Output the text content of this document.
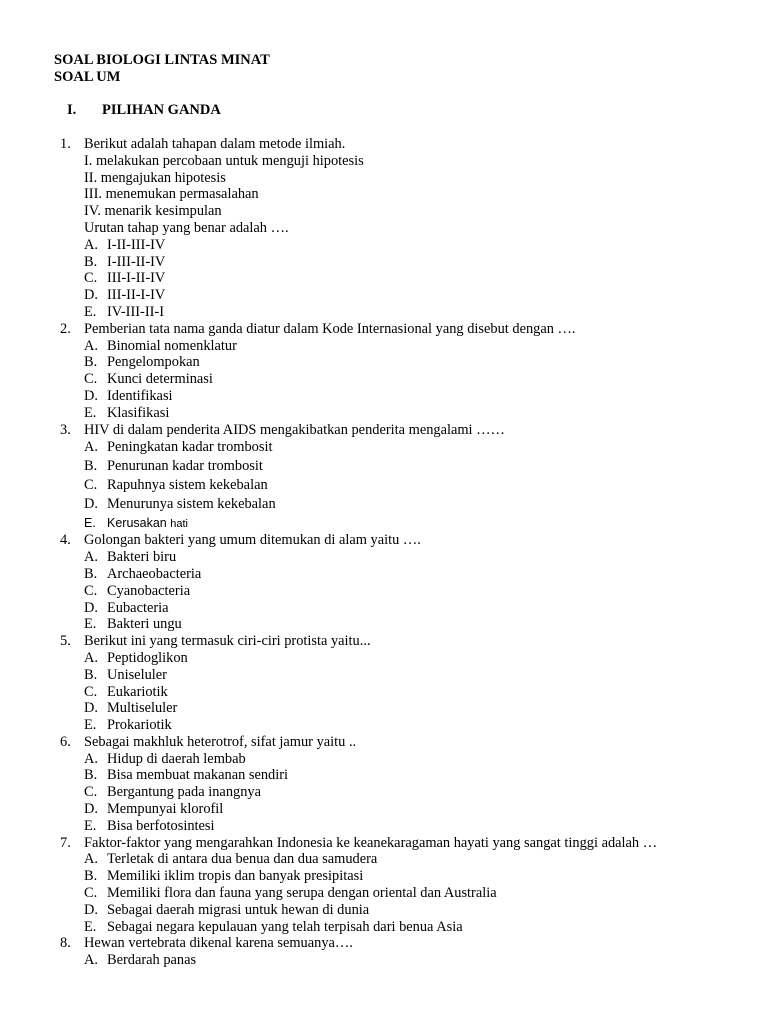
SOAL BIOLOGI LINTAS MINAT
SOAL UM
I. PILIHAN GANDA
1. Berikut adalah tahapan dalam metode ilmiah.
I. melakukan percobaan untuk menguji hipotesis
II. mengajukan hipotesis
III. menemukan permasalahan
IV. menarik kesimpulan
Urutan tahap yang benar adalah ….
A. I-II-III-IV
B. I-III-II-IV
C. III-I-II-IV
D. III-II-I-IV
E. IV-III-II-I
2. Pemberian tata nama ganda diatur dalam Kode Internasional yang disebut dengan ….
A. Binomial nomenklatur
B. Pengelompokan
C. Kunci determinasi
D. Identifikasi
E. Klasifikasi
3. HIV di dalam penderita AIDS mengakibatkan penderita mengalami ……
A. Peningkatan kadar trombosit
B. Penurunan kadar trombosit
C. Rapuhnya sistem kekebalan
D. Menurunya sistem kekebalan
E. Kerusakan hati
4. Golongan bakteri yang umum ditemukan di alam yaitu ….
A. Bakteri biru
B. Archaeobacteria
C. Cyanobacteria
D. Eubacteria
E. Bakteri ungu
5. Berikut ini yang termasuk ciri-ciri protista yaitu...
A. Peptidoglikon
B. Uniseluler
C. Eukariotik
D. Multiseluler
E. Prokariotik
6. Sebagai makhluk heterotrof, sifat jamur yaitu ..
A. Hidup di daerah lembab
B. Bisa membuat makanan sendiri
C. Bergantung pada inangnya
D. Mempunyai klorofil
E. Bisa berfotosintesi
7. Faktor-faktor yang mengarahkan Indonesia ke keanekaragaman hayati yang sangat tinggi adalah …
A. Terletak di antara dua benua dan dua samudera
B. Memiliki iklim tropis dan banyak presipitasi
C. Memiliki flora dan fauna yang serupa dengan oriental dan Australia
D. Sebagai daerah migrasi untuk hewan di dunia
E. Sebagai negara kepulauan yang telah terpisah dari benua Asia
8. Hewan vertebrata dikenal karena semuanya….
A. Berdarah panas
